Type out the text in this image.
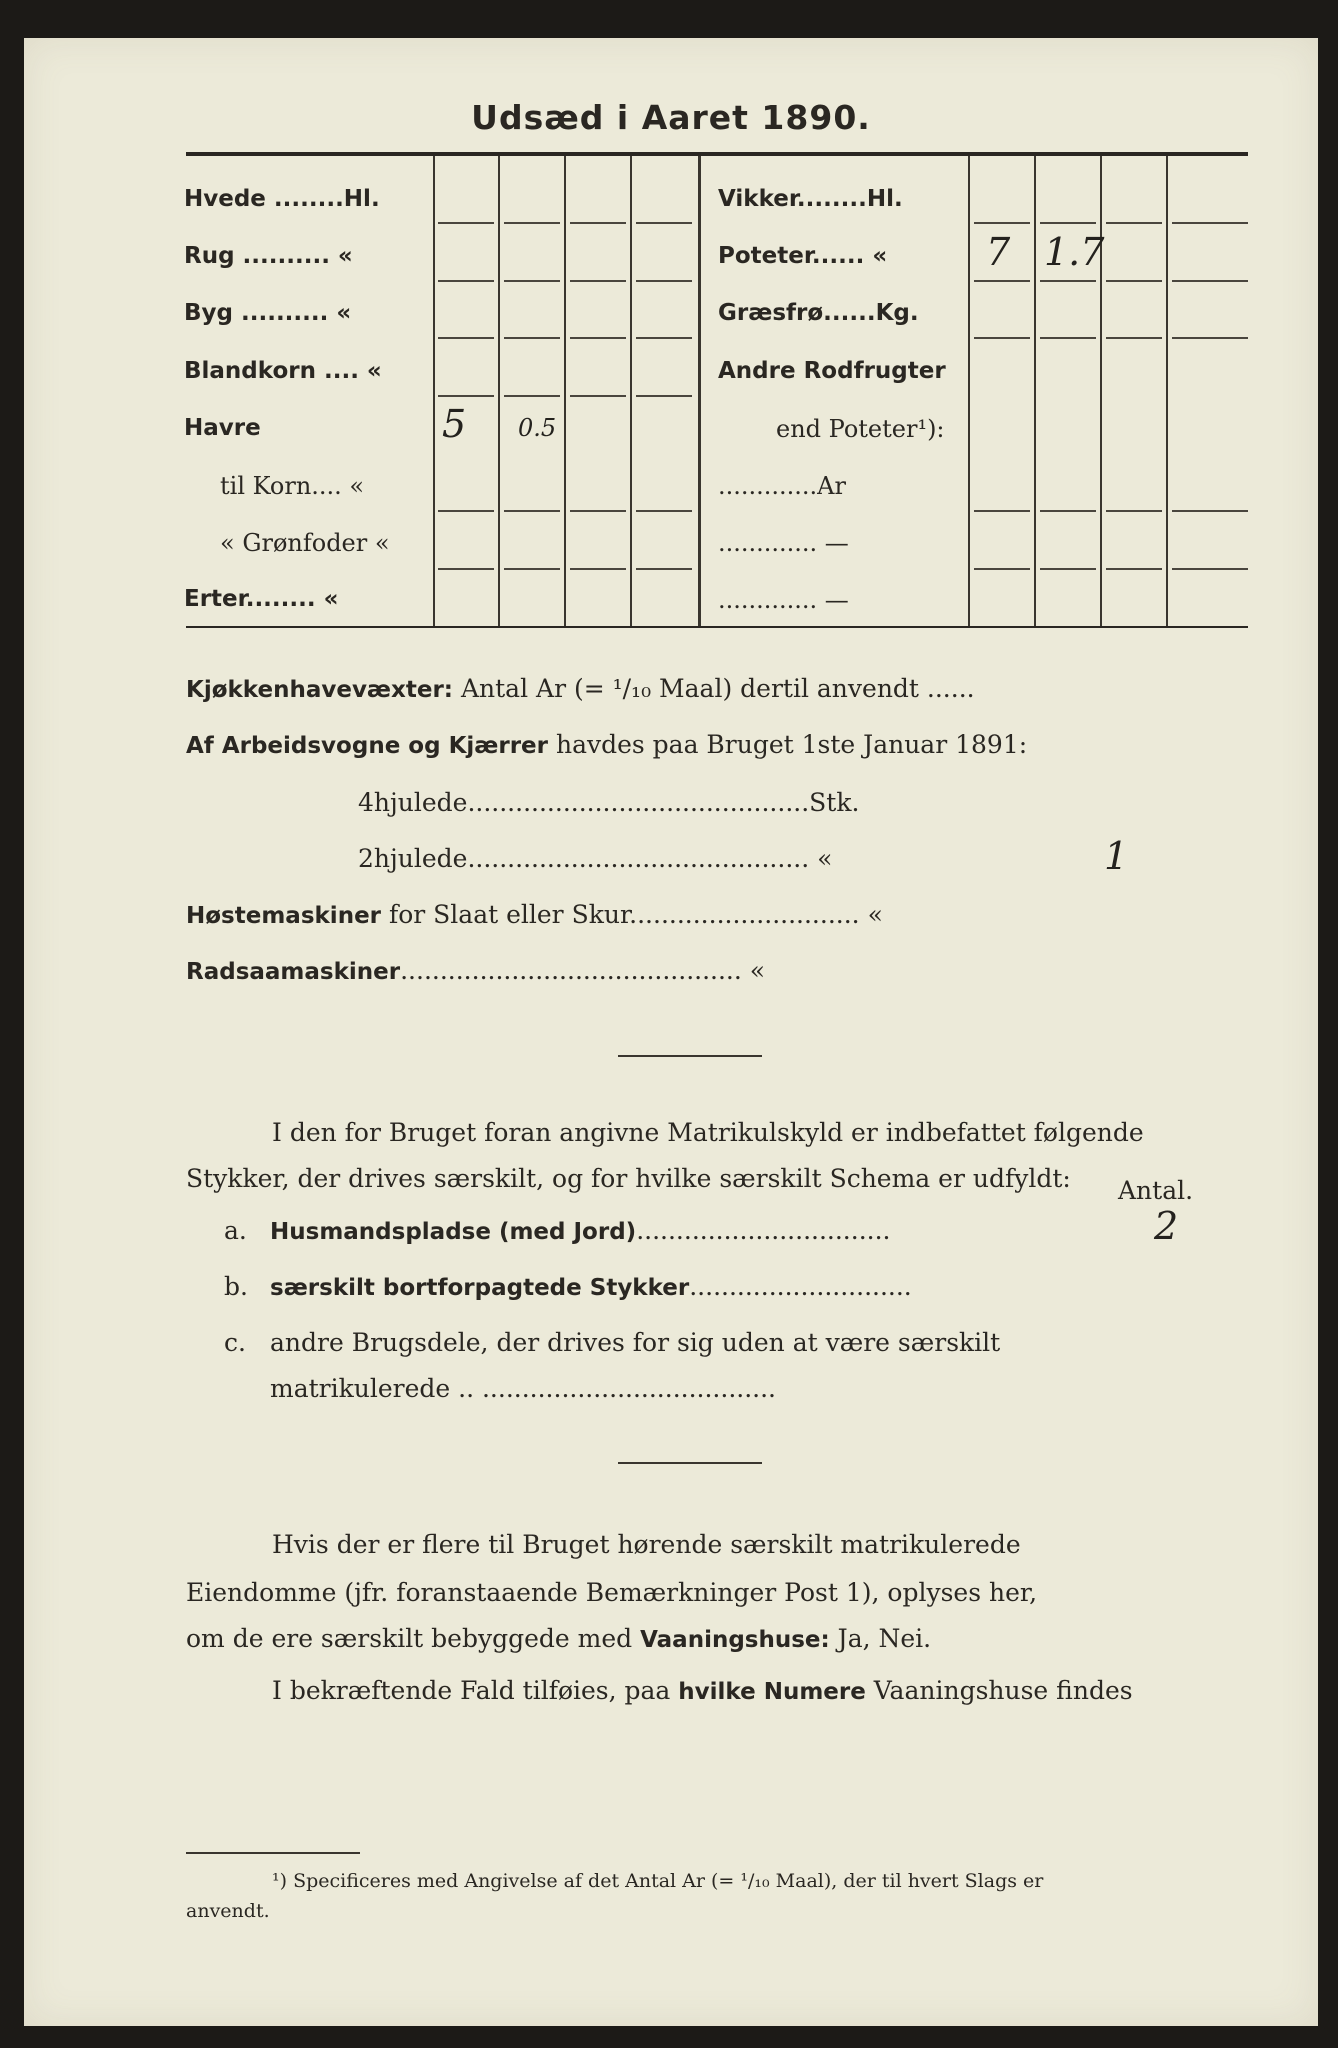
Udsæd i Aaret 1890.
Hvede ........Hl.
Rug .......... «
Byg .......... «
Blandkorn .... «
Havre
til Korn.... «
« Grønfoder «
Erter........ «
5 0.5
Vikker........Hl.
Poteter...... «
Græsfrø......Kg.
Andre Rodfrugter
end Poteter¹):
.............Ar
............. —
............. —
7 1.7
Kjøkkenhavevæxter: Antal Ar (= ¹/₁₀ Maal) dertil anvendt ......
Af Arbeidsvogne og Kjærrer havdes paa Bruget 1ste Januar 1891:
4hjulede...........................................Stk.
2hjulede........................................... «	1
Høstemaskiner for Slaat eller Skur............................. «
Radsaamaskiner........................................... «
I den for Bruget foran angivne Matrikulskyld er indbefattet følgende
Stykker, der drives særskilt, og for hvilke særskilt Schema er udfyldt: Antal.
a. Husmandspladse (med Jord)................................	2
b. særskilt bortforpagtede Stykker............................
c. andre Brugsdele, der drives for sig uden at være særskilt
matrikulerede .. .....................................
Hvis der er flere til Bruget hørende særskilt matrikulerede
Eiendomme (jfr. foranstaaende Bemærkninger Post 1), oplyses her,
om de ere særskilt bebyggede med Vaaningshuse: Ja, Nei.
I bekræftende Fald tilføies, paa hvilke Numere Vaaningshuse findes
¹) Specificeres med Angivelse af det Antal Ar (= ¹/₁₀ Maal), der til hvert Slags er
anvendt.
